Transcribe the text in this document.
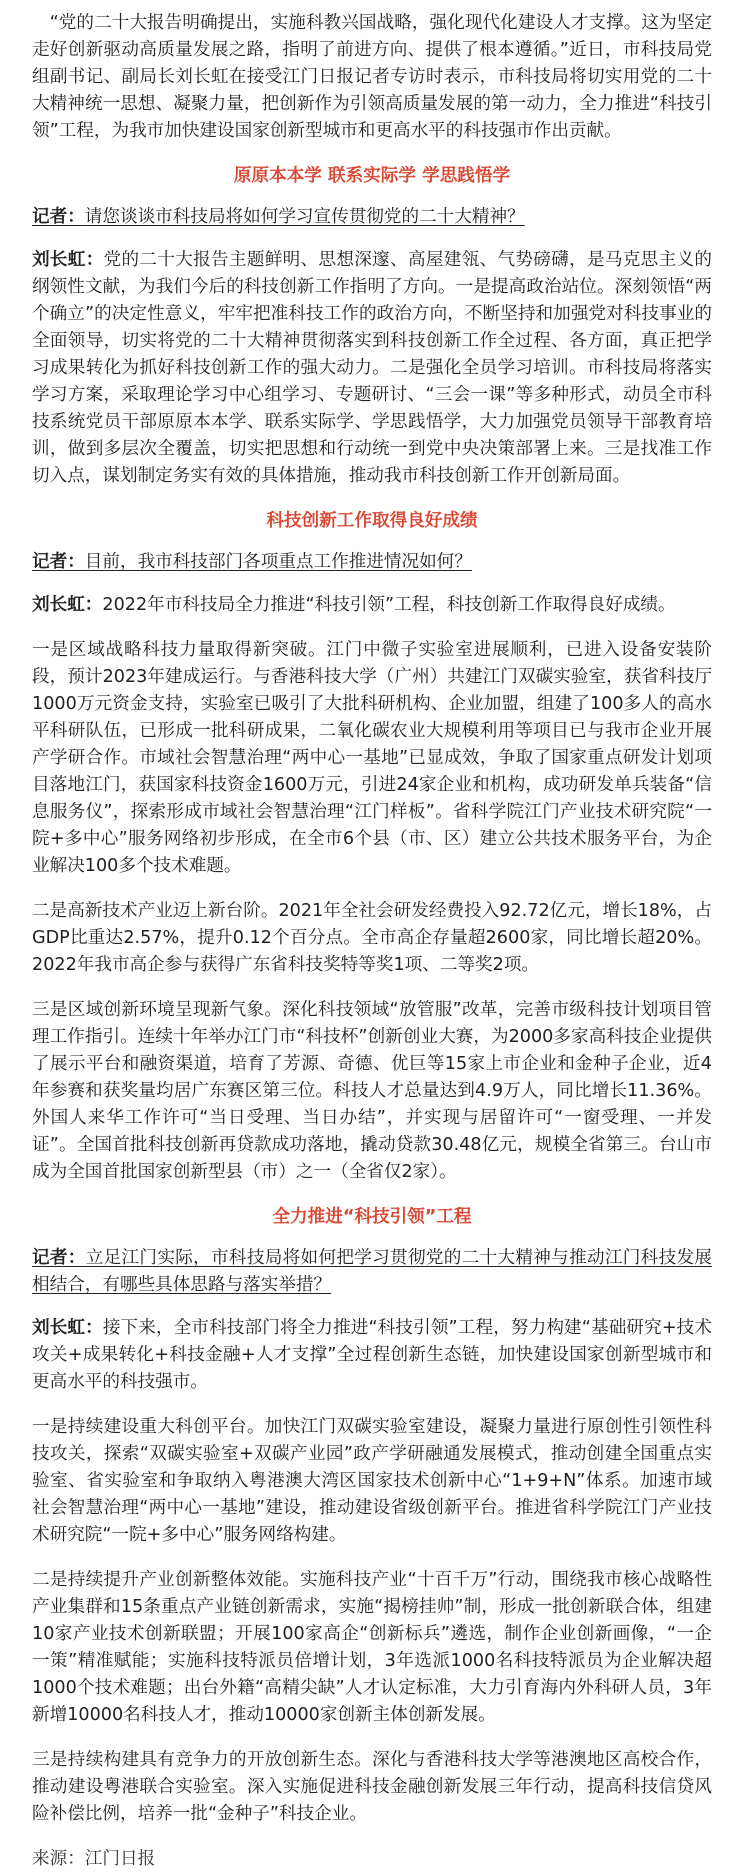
“党的二十大报告明确提出，实施科教兴国战略，强化现代化建设人才支撑。这为坚定走好创新驱动高质量发展之路，指明了前进方向、提供了根本遵循。”近日，市科技局党组副书记、副局长刘长虹在接受江门日报记者专访时表示，市科技局将切实用党的二十大精神统一思想、凝聚力量，把创新作为引领高质量发展的第一动力，全力推进“科技引领”工程，为我市加快建设国家创新型城市和更高水平的科技强市作出贡献。

原原本本学 联系实际学 学思践悟学

记者：请您谈谈市科技局将如何学习宣传贯彻党的二十大精神？

刘长虹：党的二十大报告主题鲜明、思想深邃、高屋建瓴、气势磅礴，是马克思主义的纲领性文献，为我们今后的科技创新工作指明了方向。一是提高政治站位。深刻领悟“两个确立”的决定性意义，牢牢把准科技工作的政治方向，不断坚持和加强党对科技事业的全面领导，切实将党的二十大精神贯彻落实到科技创新工作全过程、各方面，真正把学习成果转化为抓好科技创新工作的强大动力。二是强化全员学习培训。市科技局将落实学习方案，采取理论学习中心组学习、专题研讨、“三会一课”等多种形式，动员全市科技系统党员干部原原本本学、联系实际学、学思践悟学，大力加强党员领导干部教育培训，做到多层次全覆盖，切实把思想和行动统一到党中央决策部署上来。三是找准工作切入点，谋划制定务实有效的具体措施，推动我市科技创新工作开创新局面。

科技创新工作取得良好成绩

记者：目前，我市科技部门各项重点工作推进情况如何？

刘长虹：2022年市科技局全力推进“科技引领”工程，科技创新工作取得良好成绩。

一是区域战略科技力量取得新突破。江门中微子实验室进展顺利，已进入设备安装阶段，预计2023年建成运行。与香港科技大学（广州）共建江门双碳实验室，获省科技厅1000万元资金支持，实验室已吸引了大批科研机构、企业加盟，组建了100多人的高水平科研队伍，已形成一批科研成果，二氧化碳农业大规模利用等项目已与我市企业开展产学研合作。市域社会智慧治理“两中心一基地”已显成效，争取了国家重点研发计划项目落地江门，获国家科技资金1600万元，引进24家企业和机构，成功研发单兵装备“信息服务仪”，探索形成市域社会智慧治理“江门样板”。省科学院江门产业技术研究院“一院+多中心”服务网络初步形成，在全市6个县（市、区）建立公共技术服务平台，为企业解决100多个技术难题。

二是高新技术产业迈上新台阶。2021年全社会研发经费投入92.72亿元，增长18%，占GDP比重达2.57%，提升0.12个百分点。全市高企存量超2600家，同比增长超20%。2022年我市高企参与获得广东省科技奖特等奖1项、二等奖2项。

三是区域创新环境呈现新气象。深化科技领域“放管服”改革，完善市级科技计划项目管理工作指引。连续十年举办江门市“科技杯”创新创业大赛，为2000多家高科技企业提供了展示平台和融资渠道，培育了芳源、奇德、优巨等15家上市企业和金种子企业，近4年参赛和获奖量均居广东赛区第三位。科技人才总量达到4.9万人，同比增长11.36%。外国人来华工作许可“当日受理、当日办结”，并实现与居留许可“一窗受理、一并发证”。全国首批科技创新再贷款成功落地，撬动贷款30.48亿元，规模全省第三。台山市成为全国首批国家创新型县（市）之一（全省仅2家）。

全力推进“科技引领”工程

记者：立足江门实际，市科技局将如何把学习贯彻党的二十大精神与推动江门科技发展相结合，有哪些具体思路与落实举措？

刘长虹：接下来，全市科技部门将全力推进“科技引领”工程，努力构建“基础研究+技术攻关+成果转化+科技金融+人才支撑”全过程创新生态链，加快建设国家创新型城市和更高水平的科技强市。

一是持续建设重大科创平台。加快江门双碳实验室建设，凝聚力量进行原创性引领性科技攻关，探索“双碳实验室+双碳产业园”政产学研融通发展模式，推动创建全国重点实验室、省实验室和争取纳入粤港澳大湾区国家技术创新中心“1+9+N”体系。加速市域社会智慧治理“两中心一基地”建设，推动建设省级创新平台。推进省科学院江门产业技术研究院“一院+多中心”服务网络构建。

二是持续提升产业创新整体效能。实施科技产业“十百千万”行动，围绕我市核心战略性产业集群和15条重点产业链创新需求，实施“揭榜挂帅”制，形成一批创新联合体，组建10家产业技术创新联盟；开展100家高企“创新标兵”遴选，制作企业创新画像，“一企一策”精准赋能；实施科技特派员倍增计划，3年选派1000名科技特派员为企业解决超1000个技术难题；出台外籍“高精尖缺”人才认定标准，大力引育海内外科研人员，3年新增10000名科技人才，推动10000家创新主体创新发展。

三是持续构建具有竞争力的开放创新生态。深化与香港科技大学等港澳地区高校合作，推动建设粤港联合实验室。深入实施促进科技金融创新发展三年行动，提高科技信贷风险补偿比例，培养一批“金种子”科技企业。

来源：江门日报
